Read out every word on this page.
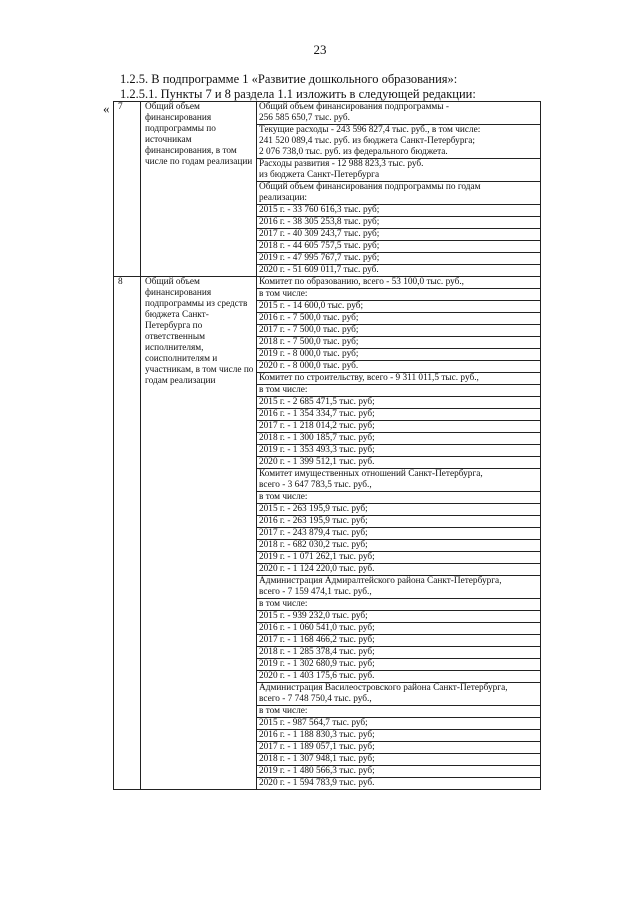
23
1.2.5. В подпрограмме 1 «Развитие дошкольного образования»:
1.2.5.1. Пункты 7 и 8 раздела 1.1 изложить в следующей редакции:
« 7	Общий объем финансирования подпрограммы по источникам финансирования, в том числе по годам реализации	Общий объем финансирования подпрограммы -
256 585 650,7 тыс. руб.

		Текущие расходы - 243 596 827,4 тыс. руб., в том числе:
241 520 089,4 тыс. руб. из бюджета Санкт-Петербурга;
2 076 738,0 тыс. руб. из федерального бюджета.

		Расходы развития - 12 988 823,3 тыс. руб.
из бюджета Санкт-Петербурга

		Общий объем финансирования подпрограммы по годам
реализации:

		2015 г. - 33 760 616,3 тыс. руб;

		2016 г. - 38 305 253,8 тыс. руб;

		2017 г. - 40 309 243,7 тыс. руб;

		2018 г. - 44 605 757,5 тыс. руб;

		2019 г. - 47 995 767,7 тыс. руб;

		2020 г. - 51 609 011,7 тыс. руб.

8	Общий объем финансирования подпрограммы из средств бюджета Санкт-Петербурга по ответственным исполнителям, соисполнителям и участникам, в том числе по годам реализации	Комитет по образованию, всего - 53 100,0 тыс. руб.,

		в том числе:

		2015 г. - 14 600,0 тыс. руб;

		2016 г. - 7 500,0 тыс. руб;

		2017 г. - 7 500,0 тыс. руб;

		2018 г. - 7 500,0 тыс. руб;

		2019 г. - 8 000,0 тыс. руб;

		2020 г. - 8 000,0 тыс. руб.

		Комитет по строительству, всего - 9 311 011,5 тыс. руб.,

		в том числе:

		2015 г. - 2 685 471,5 тыс. руб;

		2016 г. - 1 354 334,7 тыс. руб;

		2017 г. - 1 218 014,2 тыс. руб;

		2018 г. - 1 300 185,7 тыс. руб;

		2019 г. - 1 353 493,3 тыс. руб;

		2020 г. - 1 399 512,1 тыс. руб.

		Комитет имущественных отношений Санкт-Петербурга,
всего - 3 647 783,5 тыс. руб.,

		в том числе:

		2015 г. - 263 195,9 тыс. руб;

		2016 г. - 263 195,9 тыс. руб;

		2017 г. - 243 879,4 тыс. руб;

		2018 г. - 682 030,2 тыс. руб;

		2019 г. - 1 071 262,1 тыс. руб;

		2020 г. - 1 124 220,0 тыс. руб.

		Администрация Адмиралтейского района Санкт-Петербурга,
всего - 7 159 474,1 тыс. руб.,

		в том числе:

		2015 г. - 939 232,0 тыс. руб;

		2016 г. - 1 060 541,0 тыс. руб;

		2017 г. - 1 168 466,2 тыс. руб;

		2018 г. - 1 285 378,4 тыс. руб;

		2019 г. - 1 302 680,9 тыс. руб;

		2020 г. - 1 403 175,6 тыс. руб.

		Администрация Василеостровского района Санкт-Петербурга,
всего - 7 748 750,4 тыс. руб.,

		в том числе:

		2015 г. - 987 564,7 тыс. руб;

		2016 г. - 1 188 830,3 тыс. руб;

		2017 г. - 1 189 057,1 тыс. руб;

		2018 г. - 1 307 948,1 тыс. руб;

		2019 г. - 1 480 566,3 тыс. руб;

		2020 г. - 1 594 783,9 тыс. руб.
